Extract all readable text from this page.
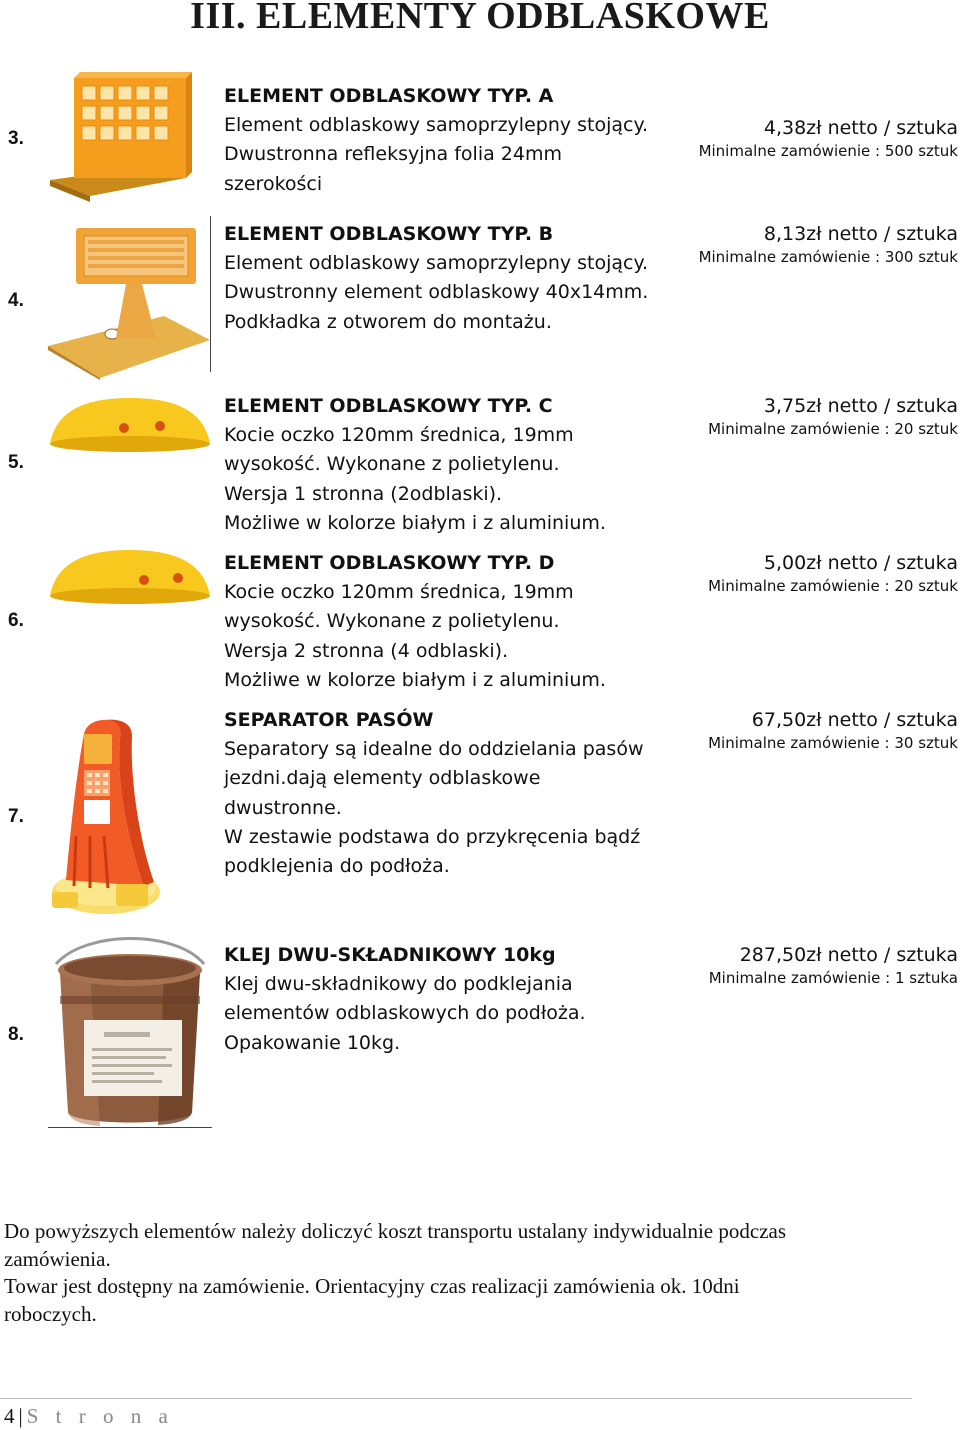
III. ELEMENTY ODBLASKOWE
3.
ELEMENT ODBLASKOWY TYP. A
Element odblaskowy samoprzylepny stojący.
Dwustronna refleksyjna folia 24mm
szerokości
4,38zł netto / sztuka
Minimalne zamówienie : 500 sztuk
4.
ELEMENT ODBLASKOWY TYP. B
Element odblaskowy samoprzylepny stojący.
Dwustronny element odblaskowy 40x14mm.
Podkładka z otworem do montażu.
8,13zł netto / sztuka
Minimalne zamówienie : 300 sztuk
5.
ELEMENT ODBLASKOWY TYP. C
Kocie oczko 120mm średnica, 19mm
wysokość. Wykonane z polietylenu.
Wersja 1 stronna (2odblaski).
Możliwe w kolorze białym i z aluminium.
3,75zł netto / sztuka
Minimalne zamówienie : 20 sztuk
6.
ELEMENT ODBLASKOWY TYP. D
Kocie oczko 120mm średnica, 19mm
wysokość. Wykonane z polietylenu.
Wersja 2 stronna (4 odblaski).
Możliwe w kolorze białym i z aluminium.
5,00zł netto / sztuka
Minimalne zamówienie : 20 sztuk
7.
SEPARATOR PASÓW
Separatory są idealne do oddzielania pasów
jezdni.dają elementy odblaskowe
dwustronne.
W zestawie podstawa do przykręcenia bądź
podklejenia do podłoża.
67,50zł netto / sztuka
Minimalne zamówienie : 30 sztuk
8.
KLEJ DWU-SKŁADNIKOWY 10kg
Klej dwu-składnikowy do podklejania
elementów odblaskowych do podłoża.
Opakowanie 10kg.
287,50zł netto / sztuka
Minimalne zamówienie : 1 sztuka

Do powyższych elementów należy doliczyć koszt transportu ustalany indywidualnie podczas

zamówienia.

Towar jest dostępny na zamówienie. Orientacyjny czas realizacji zamówienia ok. 10dni

roboczych.

4 | S t r o n a
